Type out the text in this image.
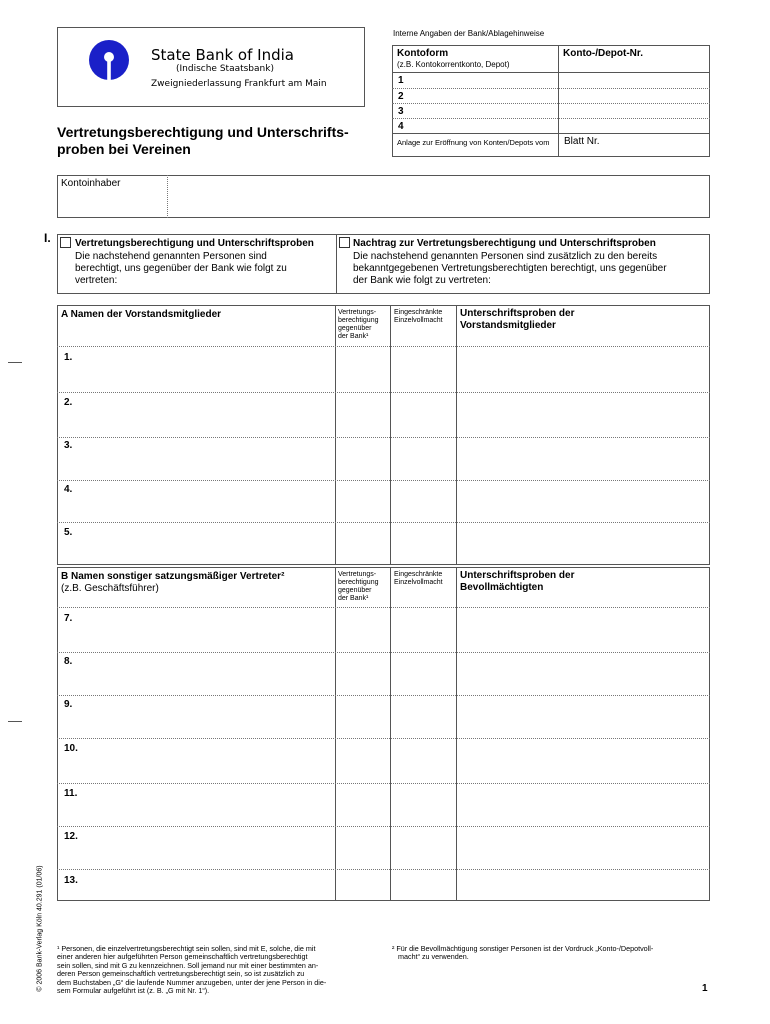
Interne Angaben der Bank/Ablagehinweise
State Bank of India
(Indische Staatsbank)
Zweigniederlassung Frankfurt am Main
Vertretungsberechtigung und Unterschrifts-
proben bei Vereinen
Kontoform
(z.B. Kontokorrentkonto, Depot)
Konto-/Depot-Nr.
1
2
3
4
Anlage zur Eröffnung von Konten/Depots vom Blatt Nr.
Kontoinhaber
I. Vertretungsberechtigung und Unterschriftsproben
Die nachstehend genannten Personen sind
berechtigt, uns gegenüber der Bank wie folgt zu
vertreten:
Nachtrag zur Vertretungsberechtigung und Unterschriftsproben
Die nachstehend genannten Personen sind zusätzlich zu den bereits
bekanntgegebenen Vertretungsberechtigten berechtigt, uns gegenüber
der Bank wie folgt zu vertreten:
A Namen der Vorstandsmitglieder	Vertretungs-
berechtigung
gegenüber
der Bank¹
Eingeschränkte
Einzelvollmacht
Unterschriftsproben der
Vorstandsmitglieder
1.
2.
3.
4.
5.
B Namen sonstiger satzungsmäßiger Vertreter²
(z.B. Geschäftsführer)
Vertretungs-
berechtigung
gegenüber
der Bank¹
Eingeschränkte
Einzelvollmacht
Unterschriftsproben der
Bevollmächtigten
7.
8.
9.
10.
11.
12.
13.
¹ Personen, die einzelvertretungsberechtigt sein sollen, sind mit E, solche, die mit
einer anderen hier aufgeführten Person gemeinschaftlich vertretungsberechtigt
sein sollen, sind mit G zu kennzeichnen. Soll jemand nur mit einer bestimmten an-
deren Person gemeinschaftlich vertretungsberechtigt sein, so ist zusätzlich zu
dem Buchstaben „G“ die laufende Nummer anzugeben, unter der jene Person in die-
sem Formular aufgeführt ist (z. B. „G mit Nr. 1“).
² Für die Bevollmächtigung sonstiger Personen ist der Vordruck „Konto-/Depotvoll-
macht“ zu verwenden.
© 2006 Bank-Verlag Köln 40.291 (01/06)	1
